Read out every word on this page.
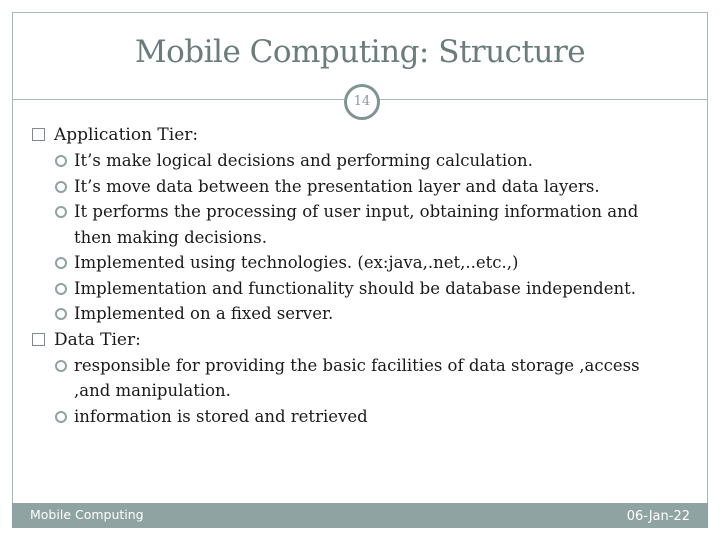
Mobile Computing: Structure
14
Application Tier:
It’s make logical decisions and performing calculation.
It’s move data between the presentation layer and data layers.
It performs the processing of user input, obtaining information and then making decisions.
Implemented using technologies. (ex:java,.net,..etc.,)
Implementation and functionality should be database independent.
Implemented on a fixed server.
Data Tier:
responsible for providing the basic facilities of data storage ,access ,and manipulation.
information is stored and retrieved
Mobile Computing	06-Jan-22
